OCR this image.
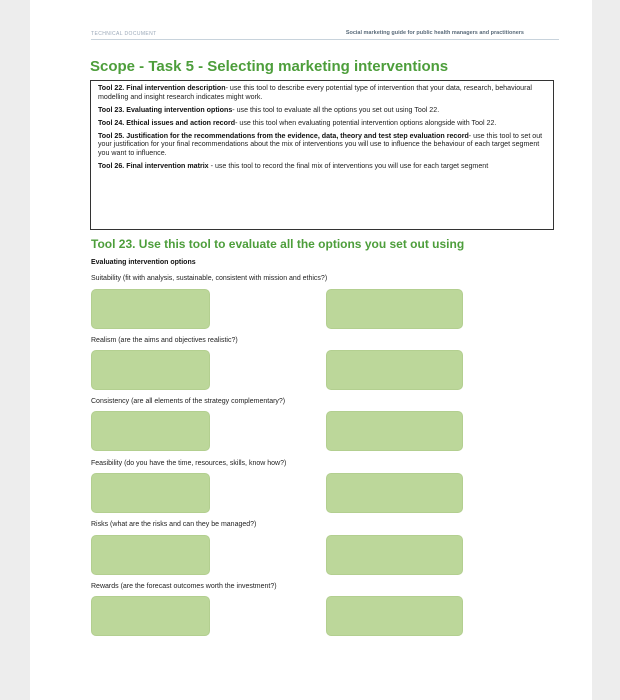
TECHNICAL DOCUMENT	Social marketing guide for public health managers and practitioners
Scope - Task 5 - Selecting marketing interventions
Tool 22. Final intervention description- use this tool to describe every potential type of intervention that your data, research, behavioural modelling and insight research indicates might work.
Tool 23. Evaluating intervention options- use this tool to evaluate all the options you set out using Tool 22.
Tool 24. Ethical issues and action record- use this tool when evaluating potential intervention options alongside with Tool 22.
Tool 25. Justification for the recommendations from the evidence, data, theory and test step evaluation record- use this tool to set out your justification for your final recommendations about the mix of interventions you will use to influence the behaviour of each target segment you want to influence.
Tool 26. Final intervention matrix - use this tool to record the final mix of interventions you will use for each target segment
Tool 23. Use this tool to evaluate all the options you set out using
Evaluating intervention options
Suitability (fit with analysis, sustainable, consistent with mission and ethics?)
Realism (are the aims and objectives realistic?)
Consistency (are all elements of the strategy complementary?)
Feasibility (do you have the time, resources, skills, know how?)
Risks (what are the risks and can they be managed?)
Rewards (are the forecast outcomes worth the investment?)
